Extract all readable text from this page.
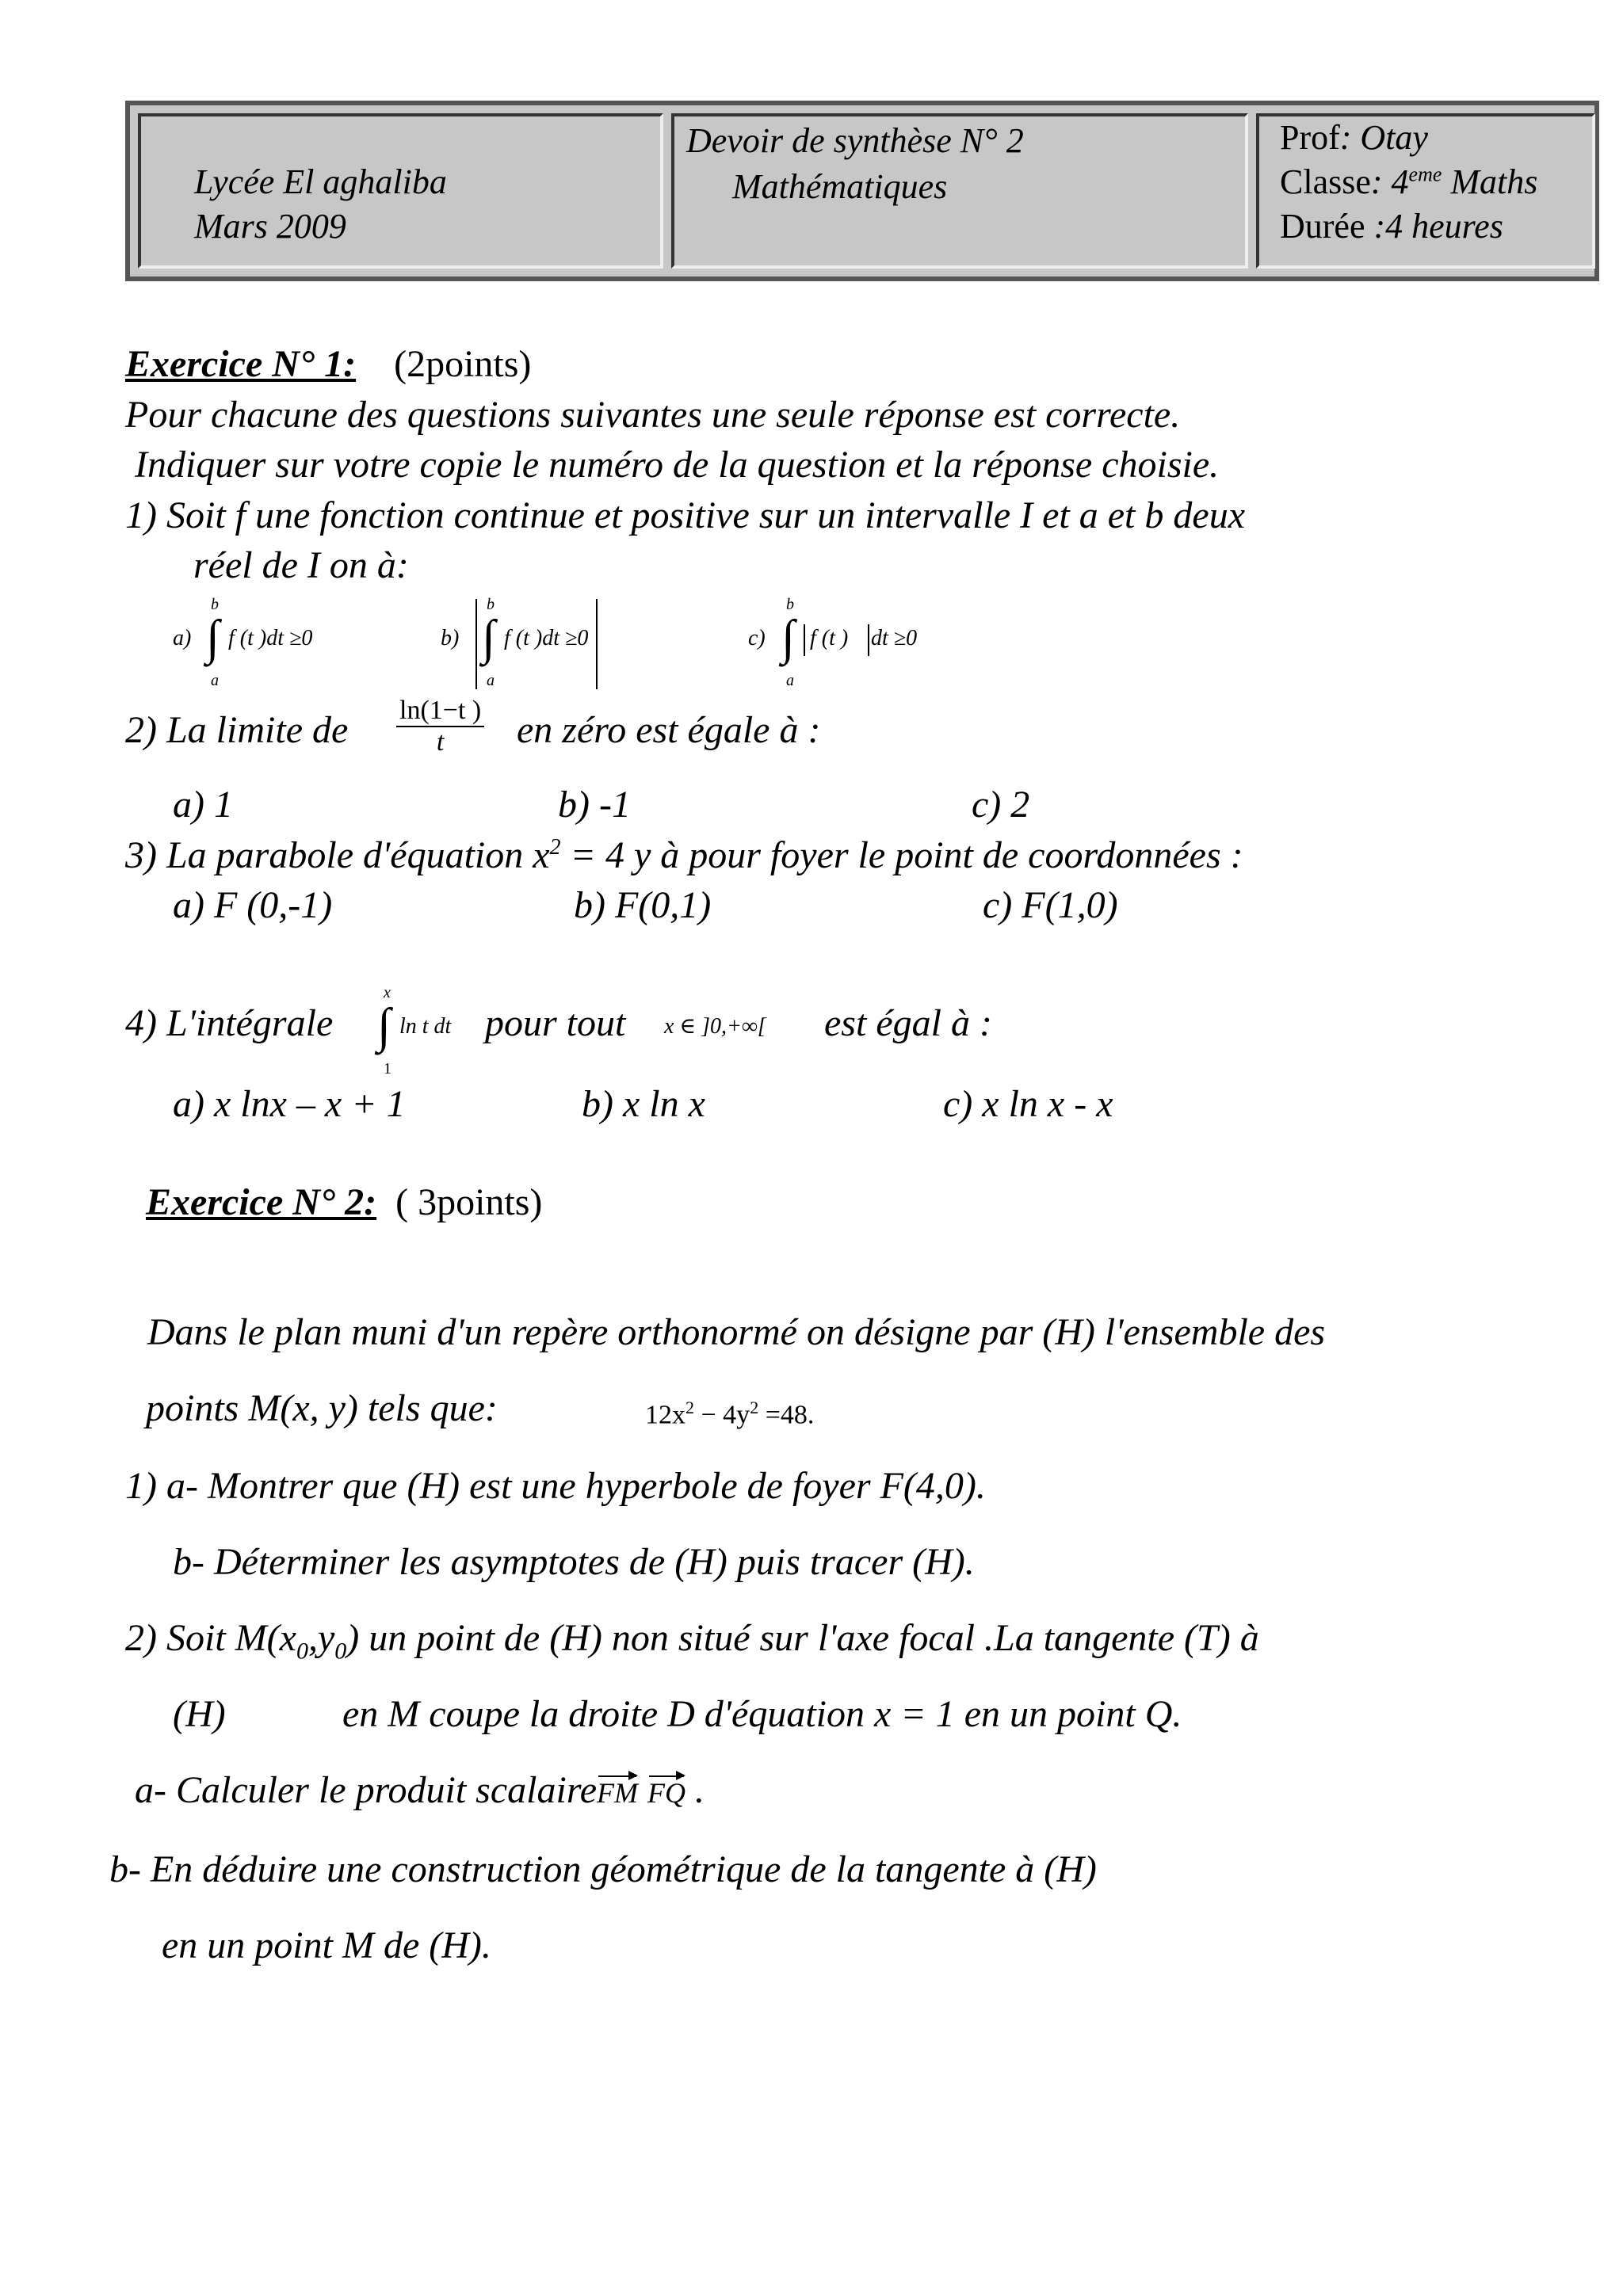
Lycée El aghaliba
Mars 2009
Devoir de synthèse N° 2
Mathématiques
Prof: Otay
Classe: 4eme Maths
Durée :4 heures
Exercice N° 1: (2points)
Pour chacune des questions suivantes une seule réponse est correcte.
Indiquer sur votre copie le numéro de la question et la réponse choisie.
1) Soit f une fonction continue et positive sur un intervalle I et a et b deux
réel de I on à:
a)
b
∫
a
f (t )dt ≥0	b)
b
∫
a
f (t )dt ≥0	c)
b
∫
a
f (t ) dt ≥0
2) La limite de $\frac{\ln(1-t )}{t}$ en zéro est égale à :
a) 1	b) -1	c) 2
3) La parabole d'équation $x^2 = 4$ y à pour foyer le point de coordonnées :
a) F (0,-1)	b) F(0,1)	c) F(1,0)
4) L'intégrale
x
∫
1
ln t dt pour tout x ∈ ]0,+∞[ est égal à :
a) x lnx – x + 1	b) x ln x	c) x ln x - x
Exercice N° 2: ( 3points)
Dans le plan muni d'un repère orthonormé on désigne par (H) l'ensemble des
points M(x, y) tels que:	$12x^2 - 4y^2 =48$.
1) a- Montrer que (H) est une hyperbole de foyer F(4,0).
b- Déterminer les asymptotes de (H) puis tracer (H).
2) Soit $M(x_0,y_0)$ un point de (H) non situé sur l'axe focal .La tangente (T) à
(H)	en M coupe la droite D d'équation x = 1 en un point Q.
a- Calculer le produit scalaireFM FQ .
b- En déduire une construction géométrique de la tangente à (H)
en un point M de (H).
